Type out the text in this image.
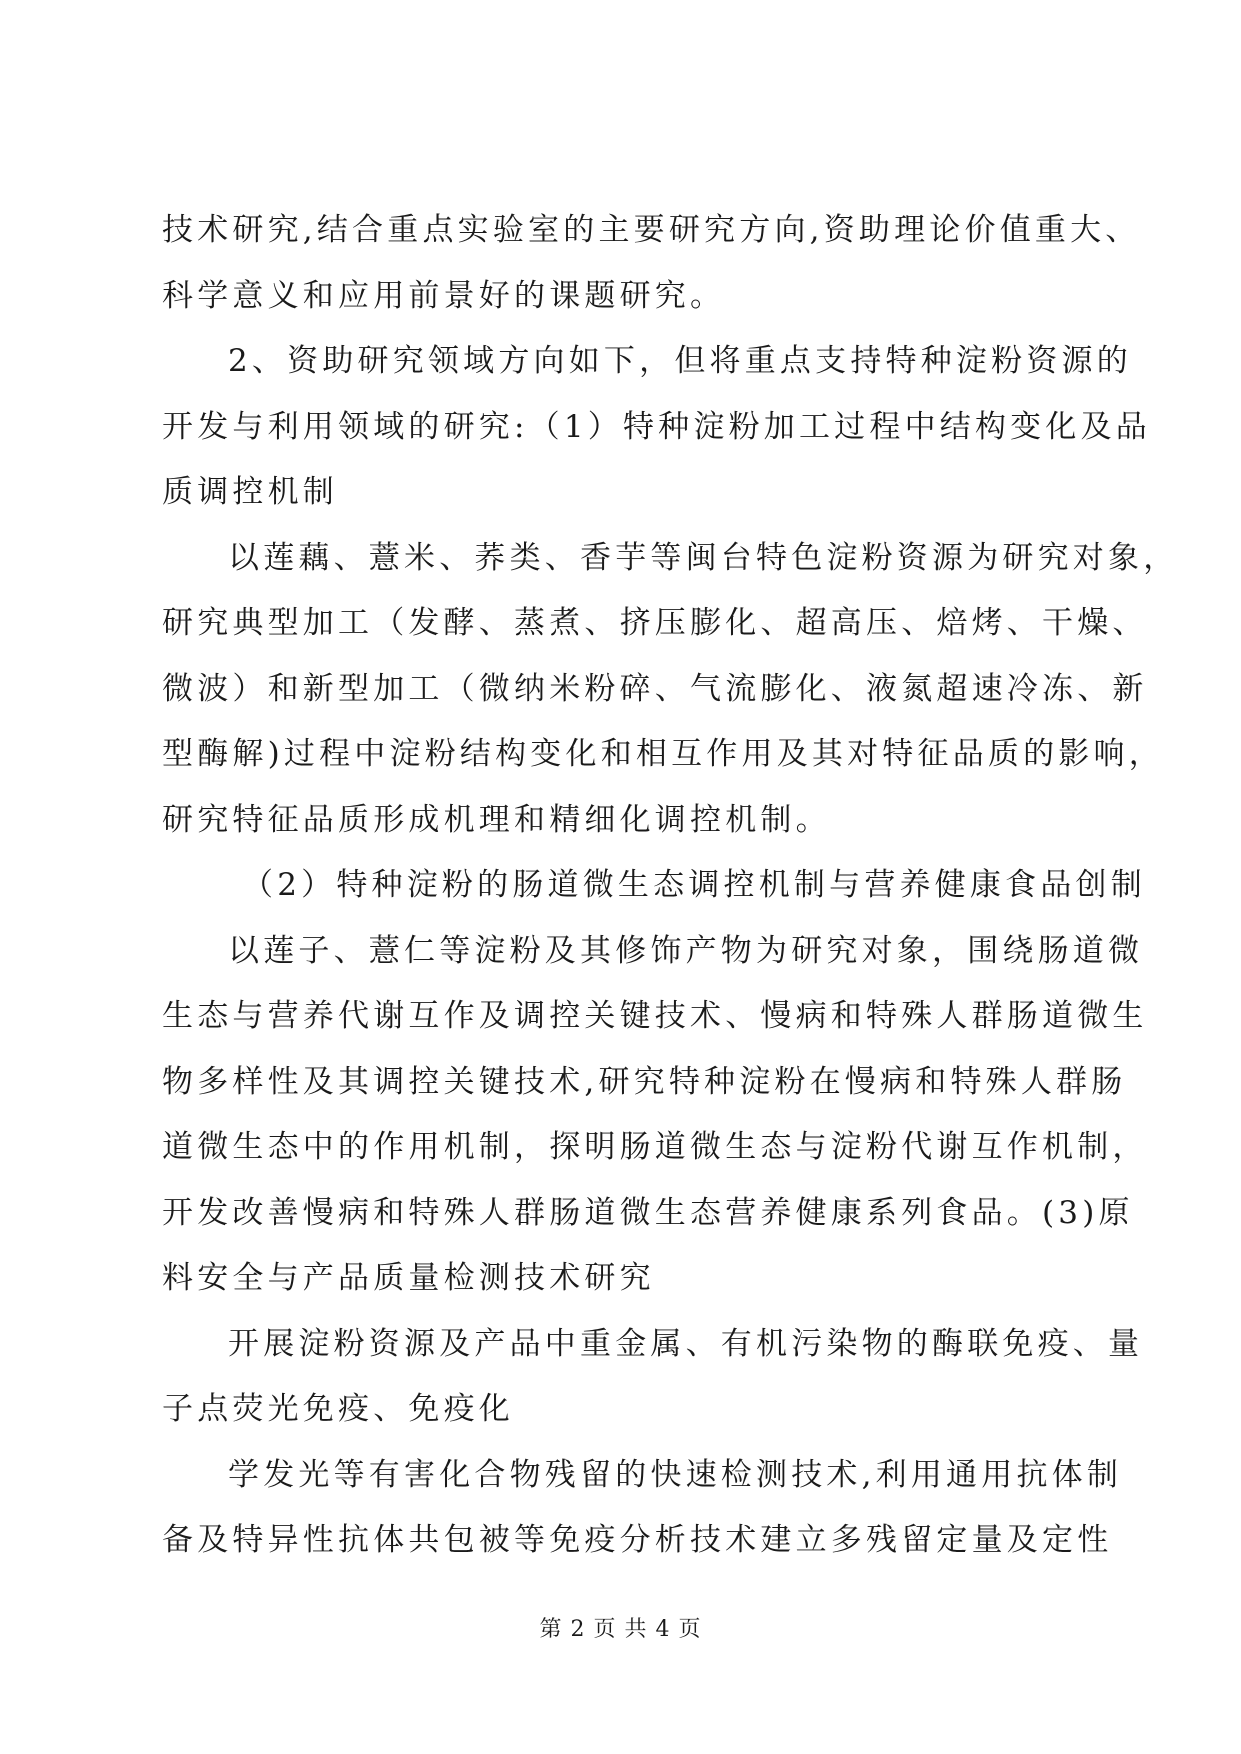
技术研究,结合重点实验室的主要研究方向,资助理论价值重大、
科学意义和应用前景好的课题研究。
2、资助研究领域方向如下，但将重点支持特种淀粉资源的
开发与利用领域的研究:（1）特种淀粉加工过程中结构变化及品
质调控机制
以莲藕、薏米、荞类、香芋等闽台特色淀粉资源为研究对象，
研究典型加工（发酵、蒸煮、挤压膨化、超高压、焙烤、干燥、
微波）和新型加工（微纳米粉碎、气流膨化、液氮超速冷冻、新
型酶解)过程中淀粉结构变化和相互作用及其对特征品质的影响，
研究特征品质形成机理和精细化调控机制。
（2）特种淀粉的肠道微生态调控机制与营养健康食品创制
以莲子、薏仁等淀粉及其修饰产物为研究对象，围绕肠道微
生态与营养代谢互作及调控关键技术、慢病和特殊人群肠道微生
物多样性及其调控关键技术,研究特种淀粉在慢病和特殊人群肠
道微生态中的作用机制，探明肠道微生态与淀粉代谢互作机制，
开发改善慢病和特殊人群肠道微生态营养健康系列食品。(3)原
料安全与产品质量检测技术研究
开展淀粉资源及产品中重金属、有机污染物的酶联免疫、量
子点荧光免疫、免疫化
学发光等有害化合物残留的快速检测技术,利用通用抗体制
备及特异性抗体共包被等免疫分析技术建立多残留定量及定性
第 2 页 共 4 页
